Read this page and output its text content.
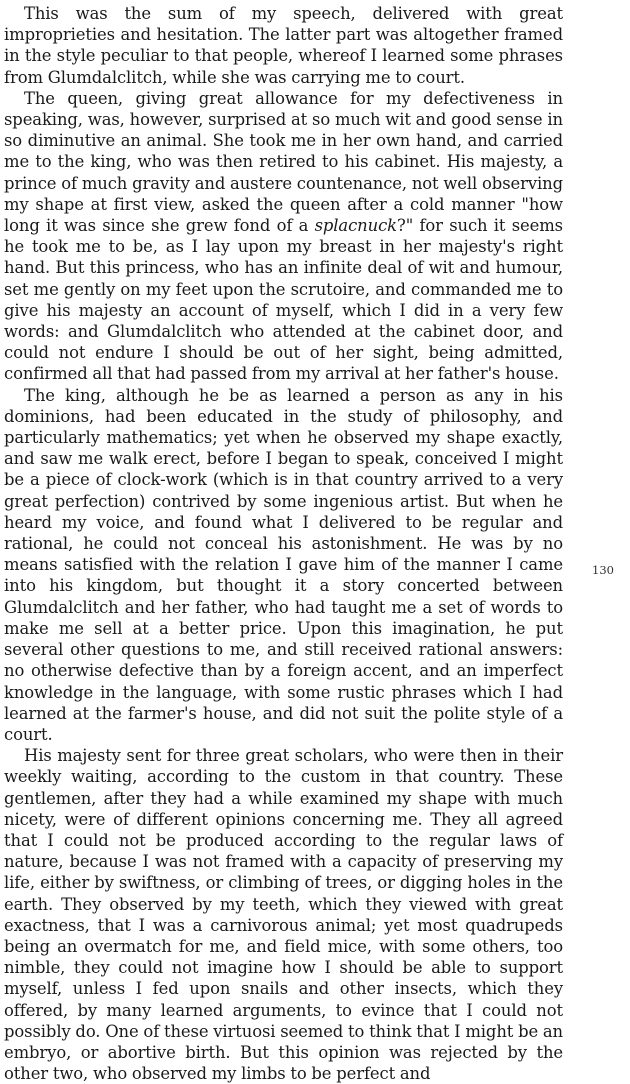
This was the sum of my speech, delivered with great improprieties and hesitation. The latter part was altogether framed in the style peculiar to that people, whereof I learned some phrases from Glumdalclitch, while she was carrying me to court.

The queen, giving great allowance for my defectiveness in speaking, was, however, surprised at so much wit and good sense in so diminutive an animal. She took me in her own hand, and carried me to the king, who was then retired to his cabinet. His majesty, a prince of much gravity and austere countenance, not well observing my shape at first view, asked the queen after a cold manner "how long it was since she grew fond of a splacnuck?" for such it seems he took me to be, as I lay upon my breast in her majesty's right hand. But this princess, who has an infinite deal of wit and humour, set me gently on my feet upon the scrutoire, and commanded me to give his majesty an account of myself, which I did in a very few words: and Glumdalclitch who attended at the cabinet door, and could not endure I should be out of her sight, being admitted, confirmed all that had passed from my arrival at her father's house.

The king, although he be as learned a person as any in his dominions, had been educated in the study of philosophy, and particularly mathematics; yet when he observed my shape exactly, and saw me walk erect, before I began to speak, conceived I might be a piece of clock-work (which is in that country arrived to a very great perfection) contrived by some ingenious artist. But when he heard my voice, and found what I delivered to be regular and rational, he could not conceal his astonishment. He was by no means satisfied with the relation I gave him of the manner I came into his kingdom, but thought it a story concerted between Glumdalclitch and her father, who had taught me a set of words to make me sell at a better price. Upon this imagination, he put several other questions to me, and still received rational answers: no otherwise defective than by a foreign accent, and an imperfect knowledge in the language, with some rustic phrases which I had learned at the farmer's house, and did not suit the polite style of a court.

His majesty sent for three great scholars, who were then in their weekly waiting, according to the custom in that country. These gentlemen, after they had a while examined my shape with much nicety, were of different opinions concerning me. They all agreed that I could not be produced according to the regular laws of nature, because I was not framed with a capacity of preserving my life, either by swiftness, or climbing of trees, or digging holes in the earth. They observed by my teeth, which they viewed with great exactness, that I was a carnivorous animal; yet most quadrupeds being an overmatch for me, and field mice, with some others, too nimble, they could not imagine how I should be able to support myself, unless I fed upon snails and other insects, which they offered, by many learned arguments, to evince that I could not possibly do. One of these virtuosi seemed to think that I might be an embryo, or abortive birth. But this opinion was rejected by the other two, who observed my limbs to be perfect and

130
